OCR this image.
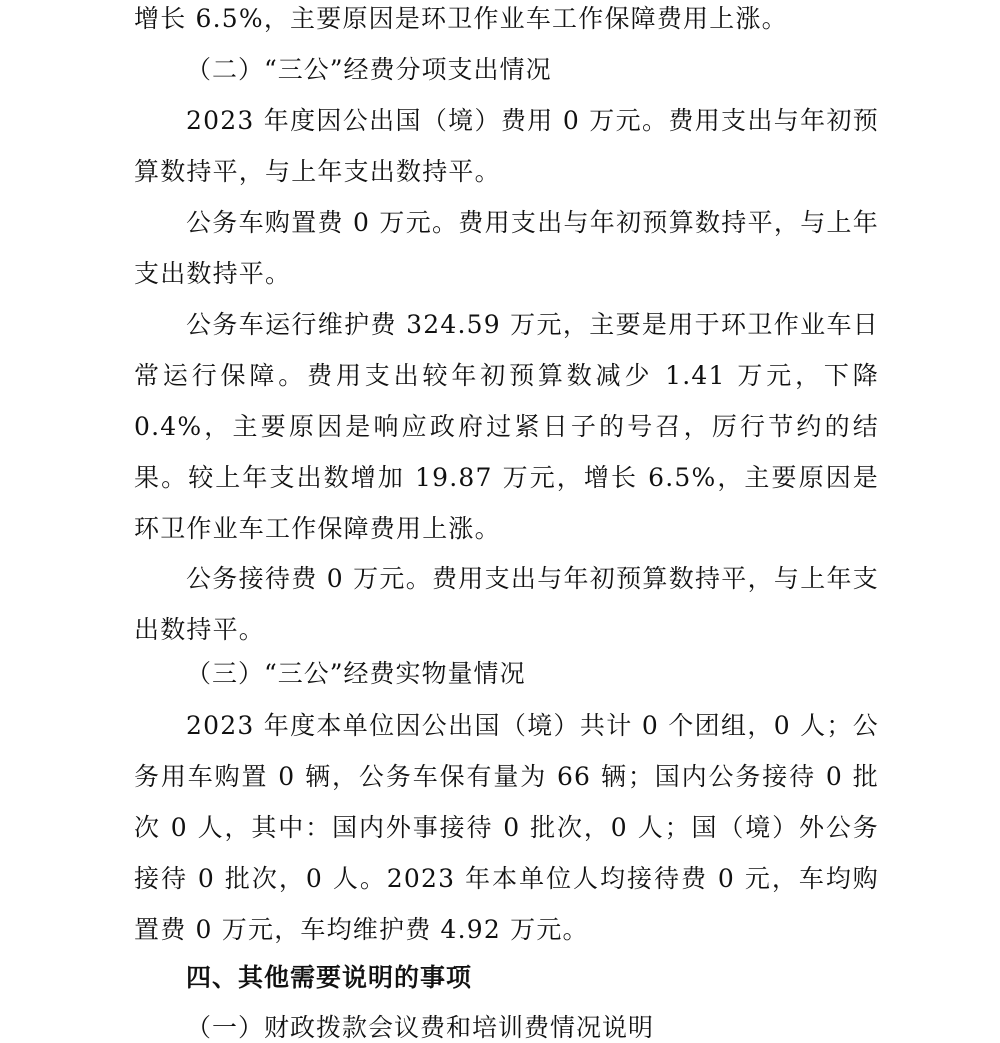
增长 6.5%，主要原因是环卫作业车工作保障费用上涨。
（二）“三公”经费分项支出情况
2023 年度因公出国（境）费用 0 万元。费用支出与年初预算数持平，与上年支出数持平。
公务车购置费 0 万元。费用支出与年初预算数持平，与上年支出数持平。
公务车运行维护费 324.59 万元，主要是用于环卫作业车日常运行保障。费用支出较年初预算数减少 1.41 万元，下降 0.4%，主要原因是响应政府过紧日子的号召，厉行节约的结果。较上年支出数增加 19.87 万元，增长 6.5%，主要原因是环卫作业车工作保障费用上涨。
公务接待费 0 万元。费用支出与年初预算数持平，与上年支出数持平。
（三）“三公”经费实物量情况
2023 年度本单位因公出国（境）共计 0 个团组，0 人；公务用车购置 0 辆，公务车保有量为 66 辆；国内公务接待 0 批次 0 人，其中：国内外事接待 0 批次，0 人；国（境）外公务接待 0 批次，0 人。2023 年本单位人均接待费 0 元，车均购置费 0 万元，车均维护费 4.92 万元。
四、其他需要说明的事项
（一）财政拨款会议费和培训费情况说明
